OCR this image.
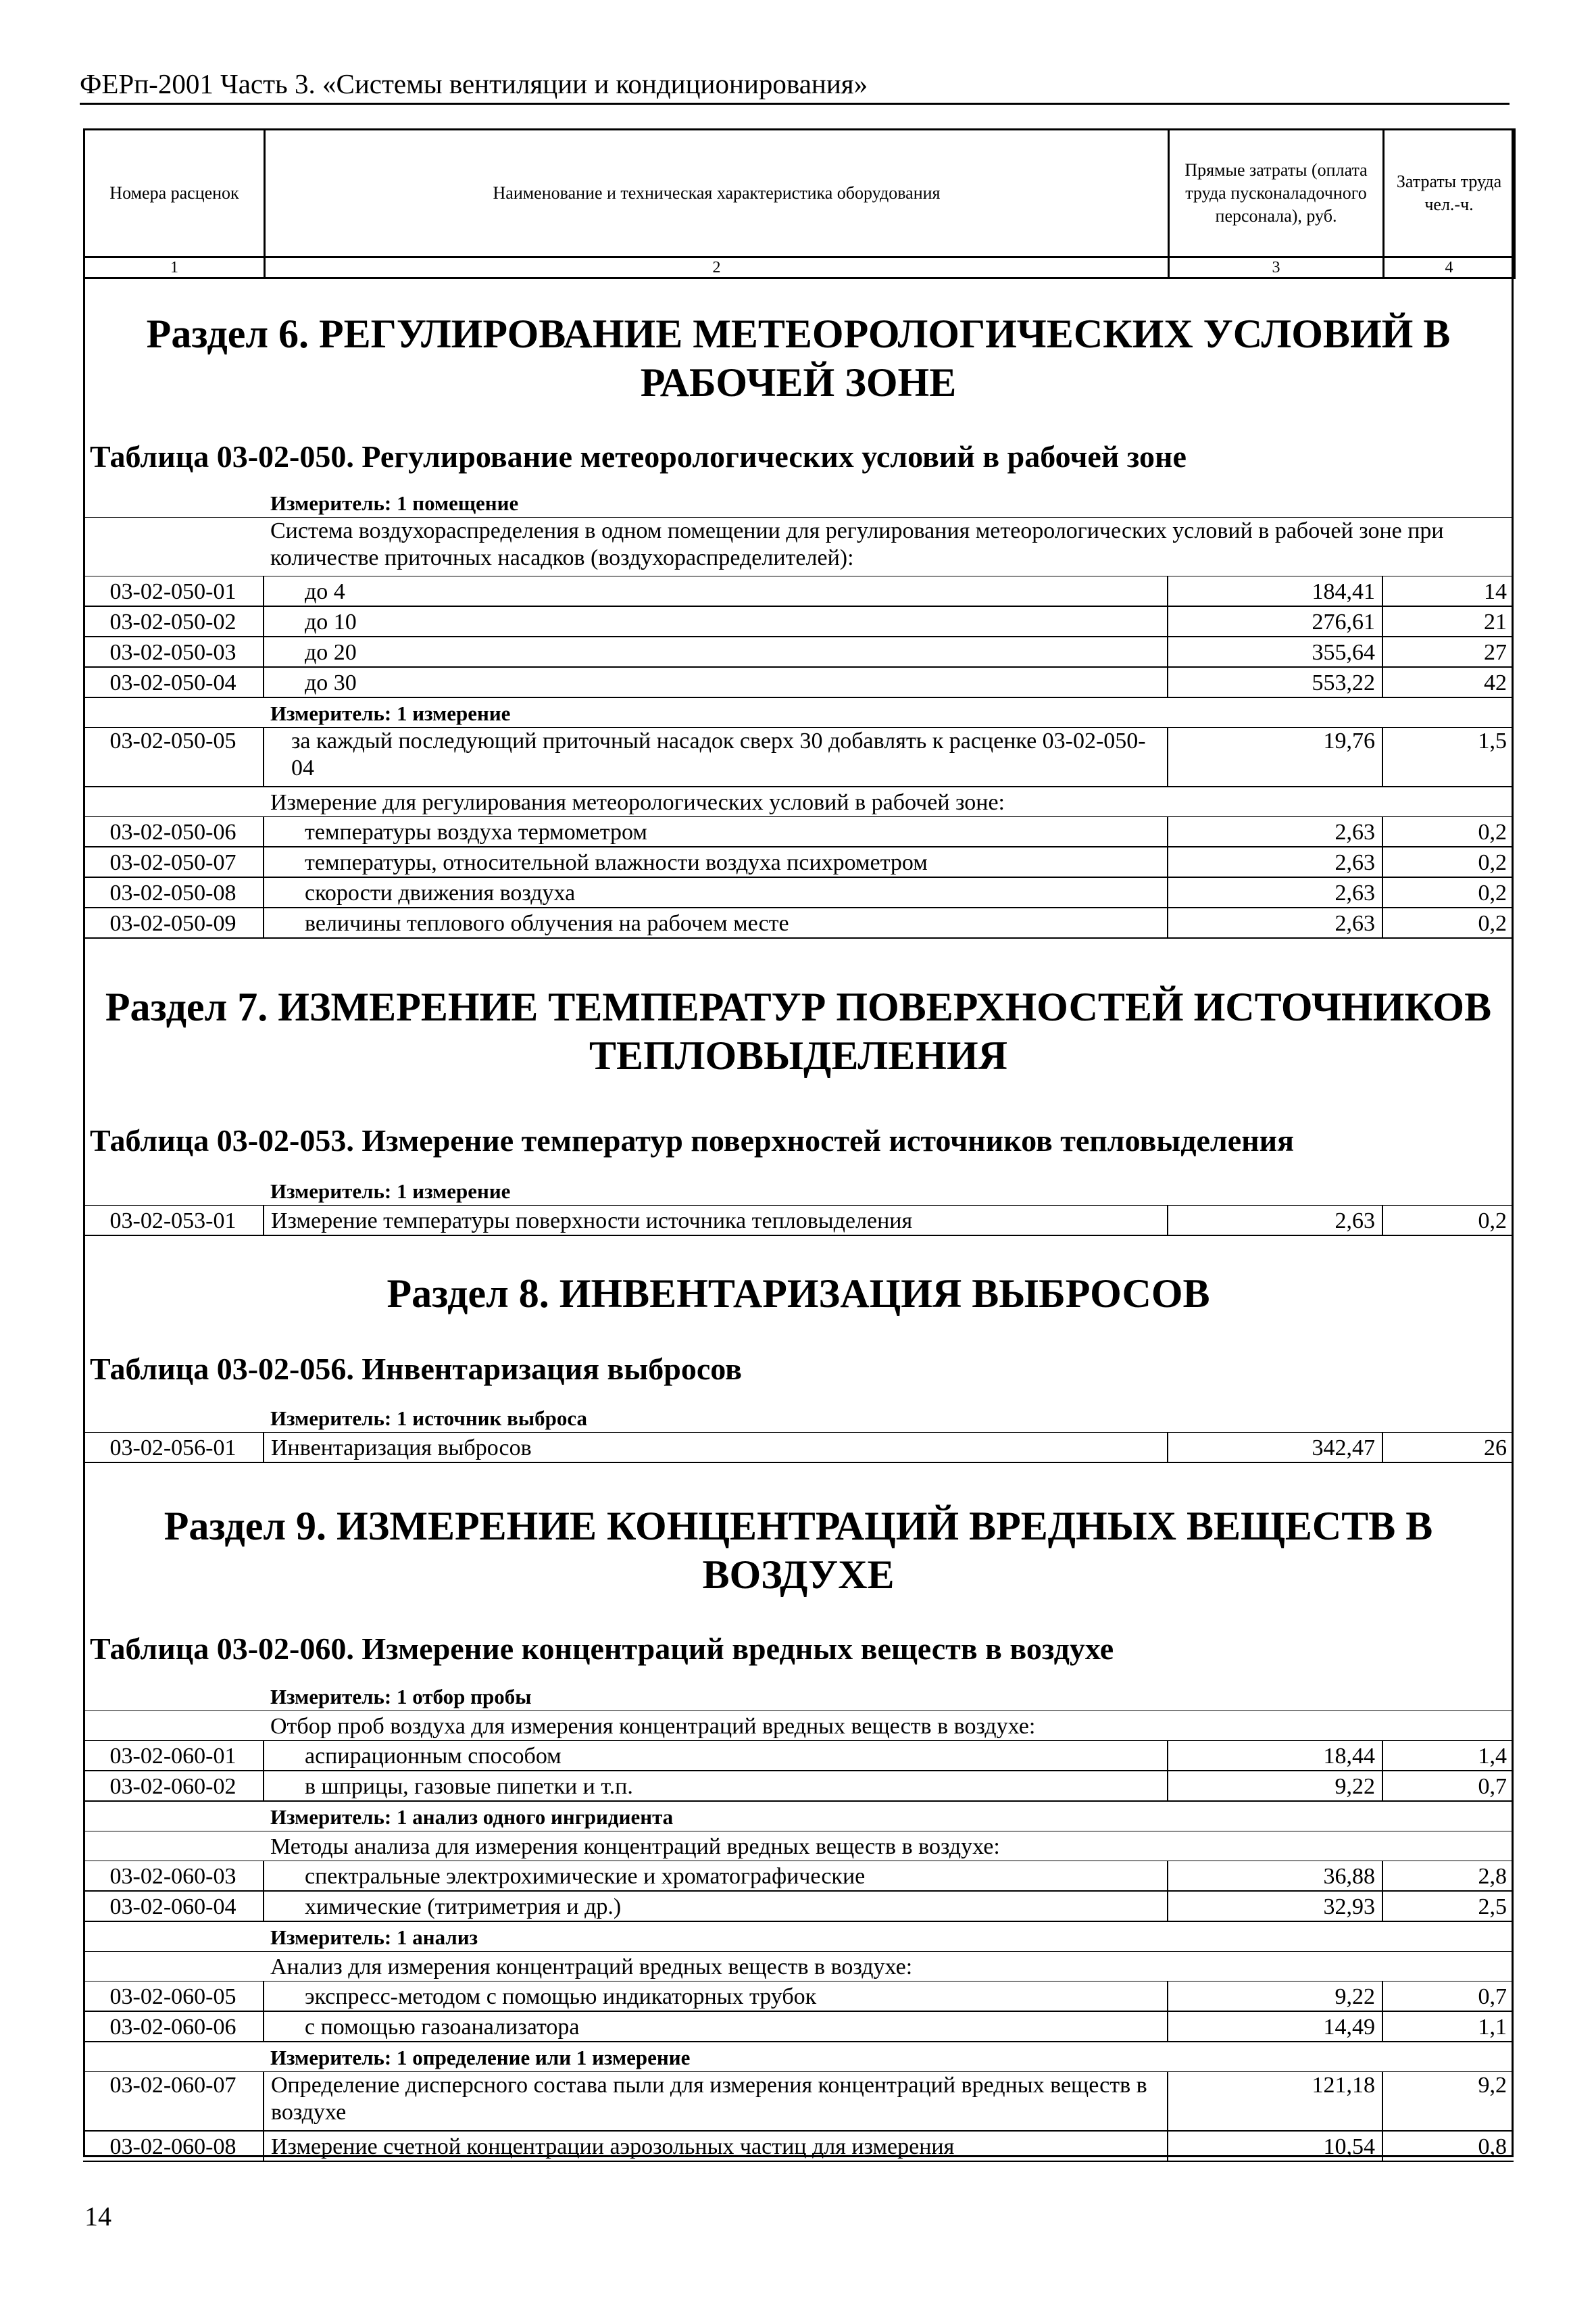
ФЕРп-2001 Часть 3. «Системы вентиляции и кондиционирования»
Номера расценок	Наименование и техническая характеристика оборудования	Прямые затраты (оплата труда пусконаладочного персонала), руб.	Затраты труда чел.-ч.
1	2	3	4
Раздел 6. РЕГУЛИРОВАНИЕ МЕТЕОРОЛОГИЧЕСКИХ УСЛОВИЙ В РАБОЧЕЙ ЗОНЕ
Таблица 03-02-050. Регулирование метеорологических условий в рабочей зоне
	Измеритель: 1 помещение		
	Система воздухораспределения в одном помещении для регулирования метеорологических условий в рабочей зоне при количестве приточных насадков (воздухораспределителей):		
03-02-050-01	до 4	184,41	14
03-02-050-02	до 10	276,61	21
03-02-050-03	до 20	355,64	27
03-02-050-04	до 30	553,22	42
	Измеритель: 1 измерение		
03-02-050-05	за каждый последующий приточный насадок сверх 30 добавлять к расценке 03-02-050-04	19,76	1,5
	Измерение для регулирования метеорологических условий в рабочей зоне:		
03-02-050-06	температуры воздуха термометром	2,63	0,2
03-02-050-07	температуры, относительной влажности воздуха психрометром	2,63	0,2
03-02-050-08	скорости движения воздуха	2,63	0,2
03-02-050-09	величины теплового облучения на рабочем месте	2,63	0,2
Раздел 7. ИЗМЕРЕНИЕ ТЕМПЕРАТУР ПОВЕРХНОСТЕЙ ИСТОЧНИКОВ ТЕПЛОВЫДЕЛЕНИЯ
Таблица 03-02-053. Измерение температур поверхностей источников тепловыделения
	Измеритель: 1 измерение		
03-02-053-01	Измерение температуры поверхности источника тепловыделения	2,63	0,2
Раздел 8. ИНВЕНТАРИЗАЦИЯ ВЫБРОСОВ
Таблица 03-02-056. Инвентаризация выбросов
	Измеритель: 1 источник выброса		
03-02-056-01	Инвентаризация выбросов	342,47	26
Раздел 9. ИЗМЕРЕНИЕ КОНЦЕНТРАЦИЙ ВРЕДНЫХ ВЕЩЕСТВ В ВОЗДУХЕ
Таблица 03-02-060. Измерение концентраций вредных веществ в воздухе
	Измеритель: 1 отбор пробы		
	Отбор проб воздуха для измерения концентраций вредных веществ в воздухе:		
03-02-060-01	аспирационным способом	18,44	1,4
03-02-060-02	в шприцы, газовые пипетки и т.п.	9,22	0,7
	Измеритель: 1 анализ одного ингридиента		
	Методы анализа для измерения концентраций вредных веществ в воздухе:		
03-02-060-03	спектральные электрохимические и хроматографические	36,88	2,8
03-02-060-04	химические (титриметрия и др.)	32,93	2,5
	Измеритель: 1 анализ		
	Анализ для измерения концентраций вредных веществ в воздухе:		
03-02-060-05	экспресс-методом с помощью индикаторных трубок	9,22	0,7
03-02-060-06	с помощью газоанализатора	14,49	1,1
	Измеритель: 1 определение или 1 измерение		
03-02-060-07	Определение дисперсного состава пыли для измерения концентраций вредных веществ в воздухе	121,18	9,2
03-02-060-08	Измерение счетной концентрации аэрозольных частиц для измерения	10,54	0,8
14
